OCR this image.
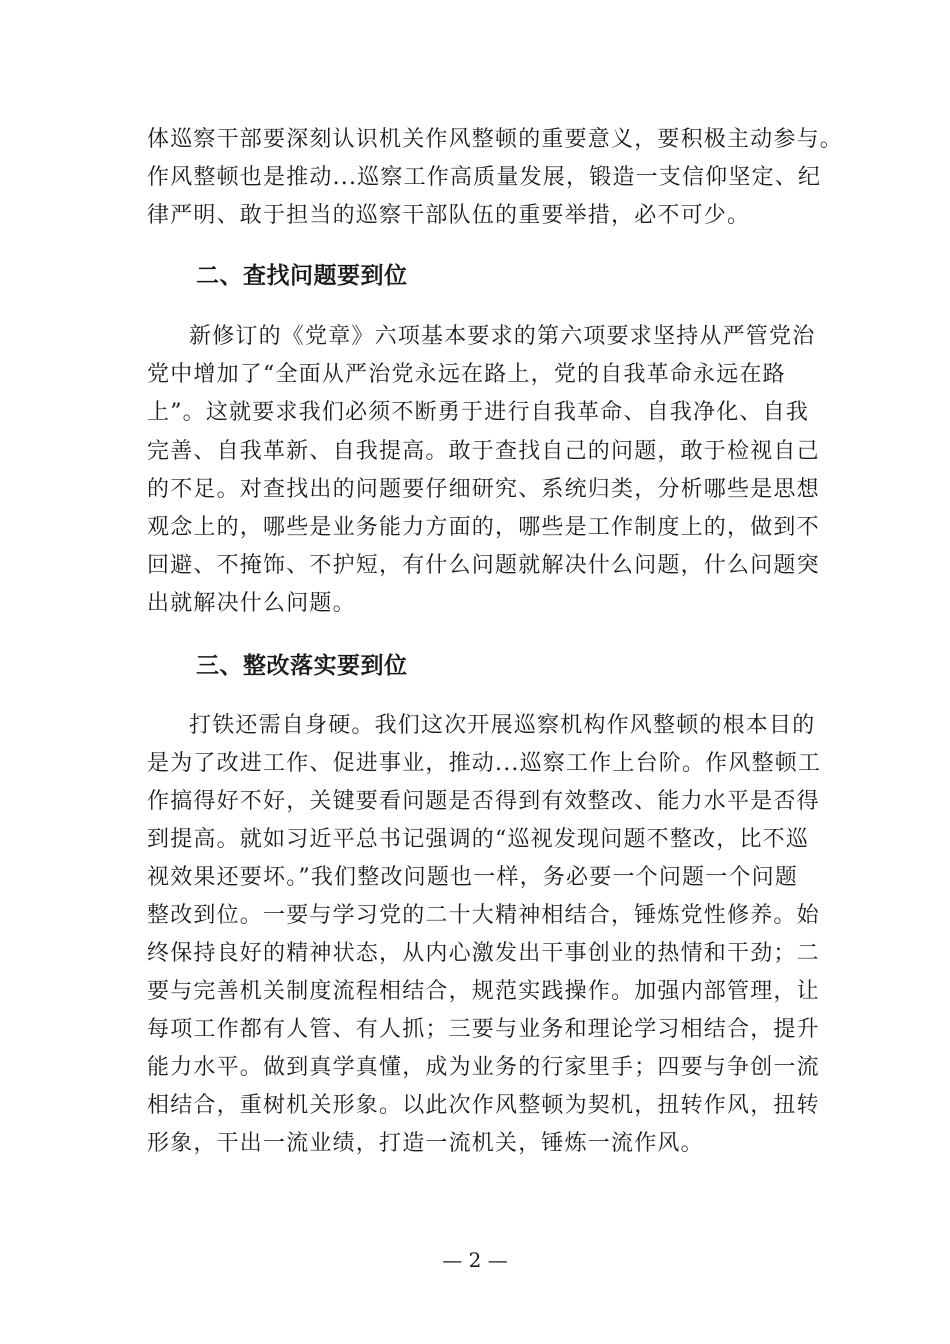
体巡察干部要深刻认识机关作风整顿的重要意义，要积极主动参与。
作风整顿也是推动...巡察工作高质量发展，锻造一支信仰坚定、纪
律严明、敢于担当的巡察干部队伍的重要举措，必不可少。
二、查找问题要到位
新修订的《党章》六项基本要求的第六项要求坚持从严管党治
党中增加了“全面从严治党永远在路上，党的自我革命永远在路
上”。这就要求我们必须不断勇于进行自我革命、自我净化、自我
完善、自我革新、自我提高。敢于查找自己的问题，敢于检视自己
的不足。对查找出的问题要仔细研究、系统归类，分析哪些是思想
观念上的，哪些是业务能力方面的，哪些是工作制度上的，做到不
回避、不掩饰、不护短，有什么问题就解决什么问题，什么问题突
出就解决什么问题。
三、整改落实要到位
打铁还需自身硬。我们这次开展巡察机构作风整顿的根本目的
是为了改进工作、促进事业，推动...巡察工作上台阶。作风整顿工
作搞得好不好，关键要看问题是否得到有效整改、能力水平是否得
到提高。就如习近平总书记强调的“巡视发现问题不整改，比不巡
视效果还要坏。”我们整改问题也一样，务必要一个问题一个问题
整改到位。一要与学习党的二十大精神相结合，锤炼党性修养。始
终保持良好的精神状态，从内心激发出干事创业的热情和干劲；二
要与完善机关制度流程相结合，规范实践操作。加强内部管理，让
每项工作都有人管、有人抓；三要与业务和理论学习相结合，提升
能力水平。做到真学真懂，成为业务的行家里手；四要与争创一流
相结合，重树机关形象。以此次作风整顿为契机，扭转作风，扭转
形象，干出一流业绩，打造一流机关，锤炼一流作风。
— 2 —
